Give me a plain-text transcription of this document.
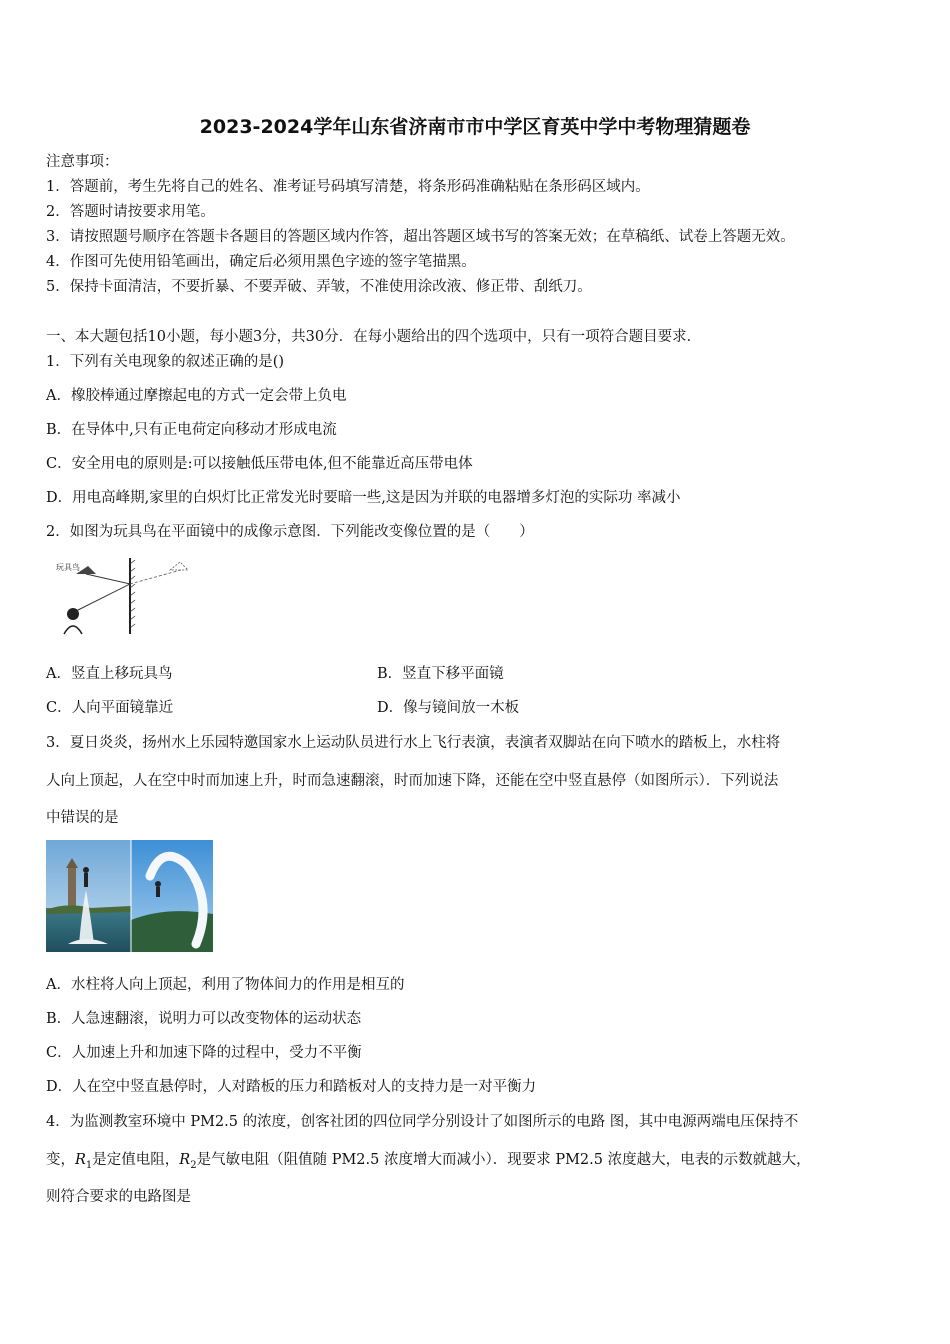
2023-2024学年山东省济南市市中学区育英中学中考物理猜题卷
注意事项：
1．答题前，考生先将自己的姓名、准考证号码填写清楚，将条形码准确粘贴在条形码区域内。
2．答题时请按要求用笔。
3．请按照题号顺序在答题卡各题目的答题区域内作答，超出答题区域书写的答案无效；在草稿纸、试卷上答题无效。
4．作图可先使用铅笔画出，确定后必须用黑色字迹的签字笔描黑。
5．保持卡面清洁，不要折暴、不要弄破、弄皱，不准使用涂改液、修正带、刮纸刀。
一、本大题包括10小题，每小题3分，共30分．在每小题给出的四个选项中，只有一项符合题目要求．
1．下列有关电现象的叙述正确的是()
A．橡胶棒通过摩擦起电的方式一定会带上负电
B．在导体中,只有正电荷定向移动才形成电流
C．安全用电的原则是:可以接触低压带电体,但不能靠近高压带电体
D．用电高峰期,家里的白炽灯比正常发光时要暗一些,这是因为并联的电器增多灯泡的实际功 率减小
2．如图为玩具鸟在平面镜中的成像示意图．下列能改变像位置的是（　　）
玩具鸟
A．竖直上移玩具鸟	B．竖直下移平面镜
C．人向平面镜靠近	D．像与镜间放一木板
3．夏日炎炎，扬州水上乐园特邀国家水上运动队员进行水上飞行表演，表演者双脚站在向下喷水的踏板上，水柱将
人向上顶起，人在空中时而加速上升，时而急速翻滚，时而加速下降，还能在空中竖直悬停（如图所示）．下列说法
中错误的是
A．水柱将人向上顶起，利用了物体间力的作用是相互的
B．人急速翻滚，说明力可以改变物体的运动状态
C．人加速上升和加速下降的过程中，受力不平衡
D．人在空中竖直悬停时，人对踏板的压力和踏板对人的支持力是一对平衡力
4．为监测教室环境中 PM2.5 的浓度，创客社团的四位同学分别设计了如图所示的电路 图，其中电源两端电压保持不
变，$R_1$是定值电阻，$R_2$是气敏电阻（阻值随 PM2.5 浓度增大而减小）．现要求 PM2.5 浓度越大，电表的示数就越大，
则符合要求的电路图是
